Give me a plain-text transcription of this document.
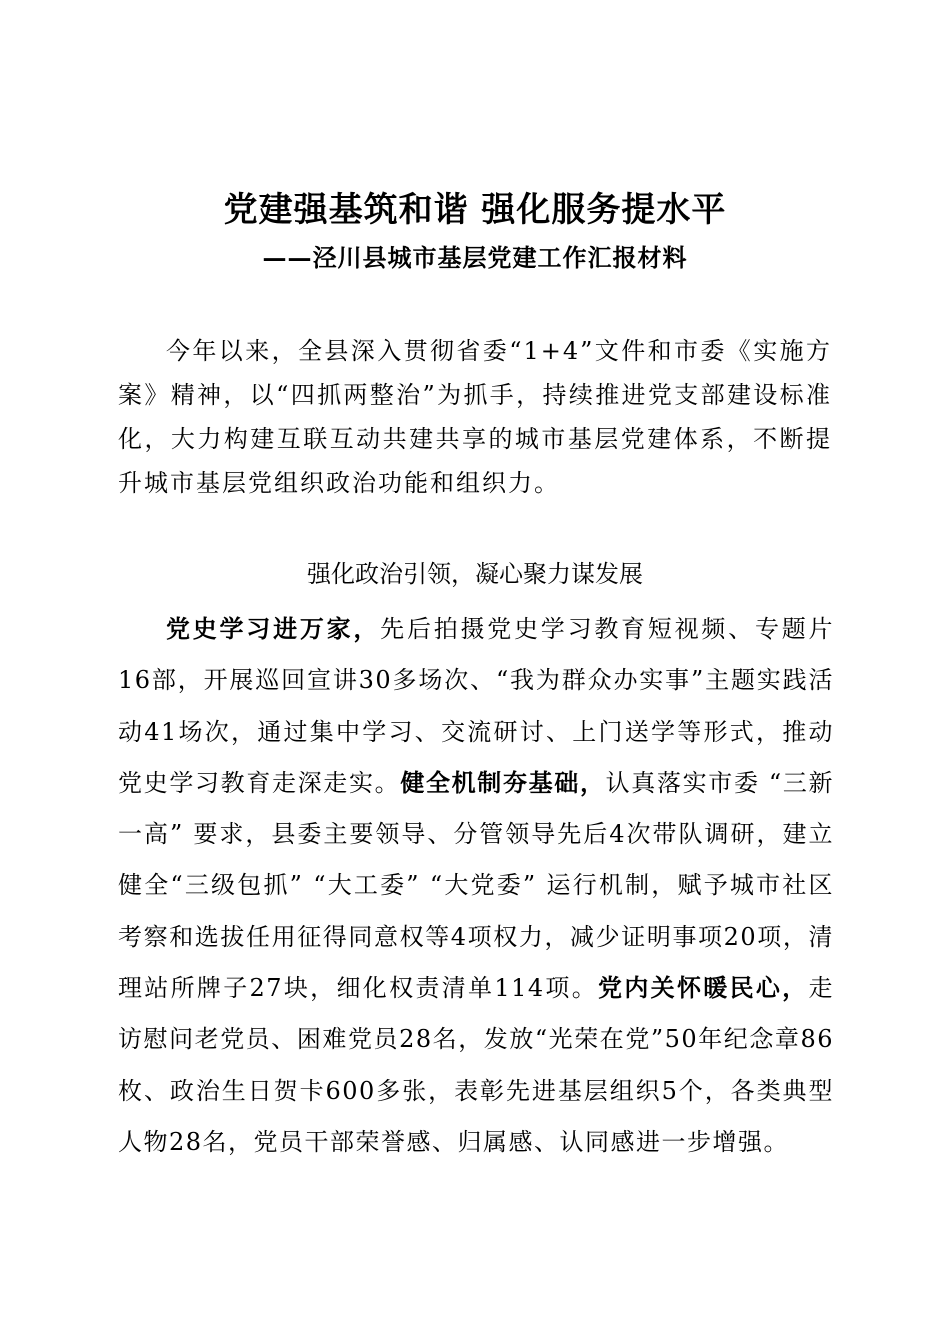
党建强基筑和谐 强化服务提水平
——泾川县城市基层党建工作汇报材料

今年以来，全县深入贯彻省委“1+4”文件和市委《实施方案》精神，以“四抓两整治”为抓手，持续推进党支部建设标准化，大力构建互联互动共建共享的城市基层党建体系，不断提升城市基层党组织政治功能和组织力。

强化政治引领，凝心聚力谋发展

党史学习进万家，先后拍摄党史学习教育短视频、专题片16部，开展巡回宣讲30多场次、“我为群众办实事”主题实践活动41场次，通过集中学习、交流研讨、上门送学等形式，推动党史学习教育走深走实。健全机制夯基础，认真落实市委 “三新一高” 要求，县委主要领导、分管领导先后4次带队调研，建立健全“三级包抓” “大工委” “大党委” 运行机制，赋予城市社区考察和选拔任用征得同意权等4项权力，减少证明事项20项，清理站所牌子27块，细化权责清单114项。党内关怀暖民心，走访慰问老党员、困难党员28名，发放“光荣在党”50年纪念章86枚、政治生日贺卡600多张，表彰先进基层组织5个，各类典型人物28名，党员干部荣誉感、归属感、认同感进一步增强。
